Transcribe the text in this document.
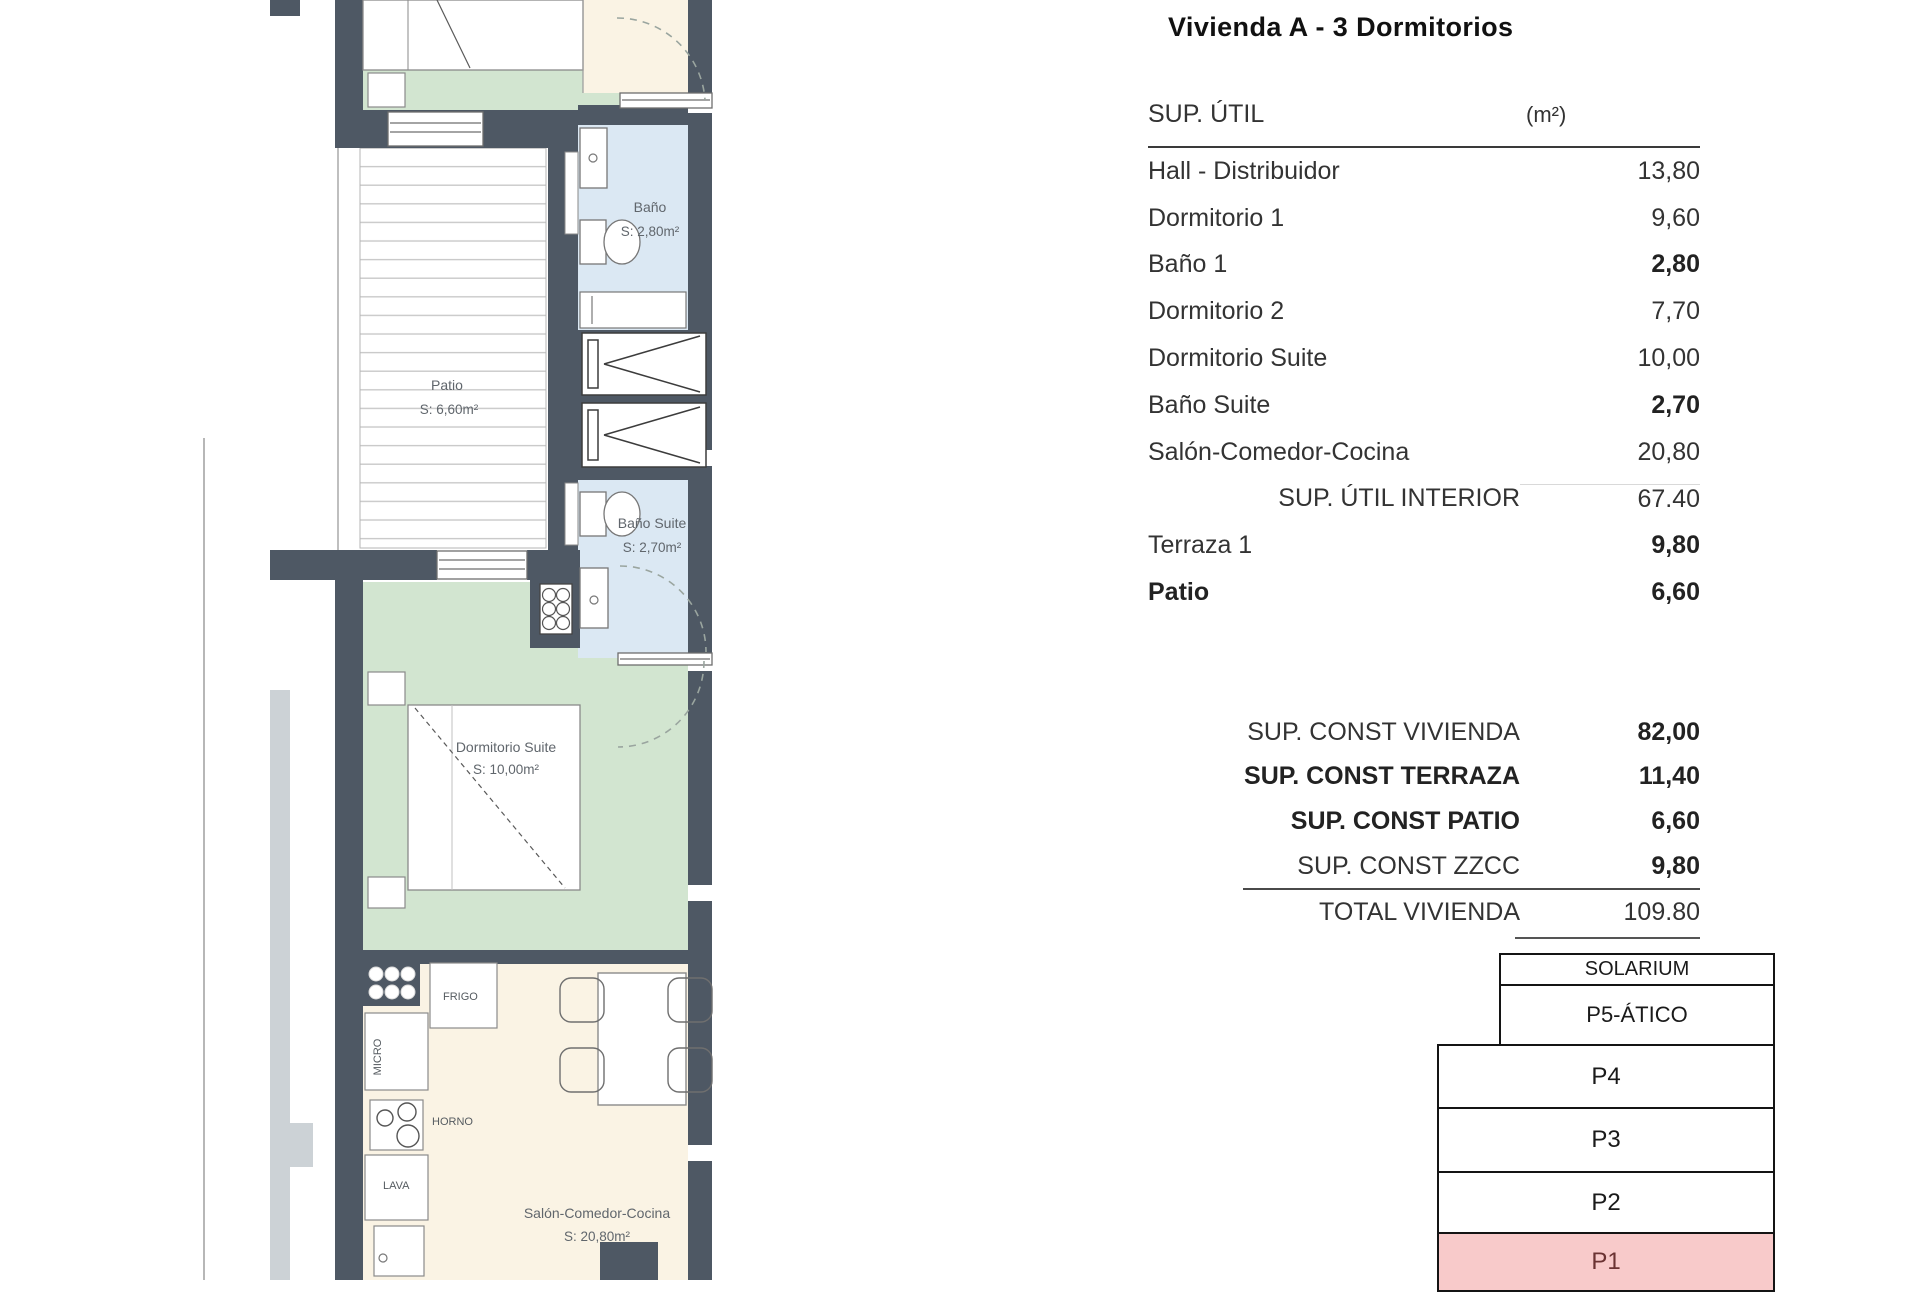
Baño
S: 2,80m²
Patio
S: 6,60m²
Baño Suite
S: 2,70m²
Dormitorio Suite
S: 10,00m²
Salón-Comedor-Cocina
S: 20,80m²
FRIGO
MICRO
HORNO
LAVA
Vivienda A - 3 Dormitorios
SUP. ÚTIL	(m²)
Hall - Distribuidor	13,80
Dormitorio 1	9,60
Baño 1	2,80
Dormitorio 2	7,70
Dormitorio Suite	10,00
Baño Suite	2,70
Salón-Comedor-Cocina	20,80
SUP. ÚTIL INTERIOR	67.40
Terraza 1	9,80
Patio	6,60
SUP. CONST VIVIENDA	82,00
SUP. CONST TERRAZA	11,40
SUP. CONST PATIO	6,60
SUP. CONST ZZCC	9,80
TOTAL VIVIENDA	109.80
SOLARIUM
P5-ÁTICO
P4
P3
P2
P1
